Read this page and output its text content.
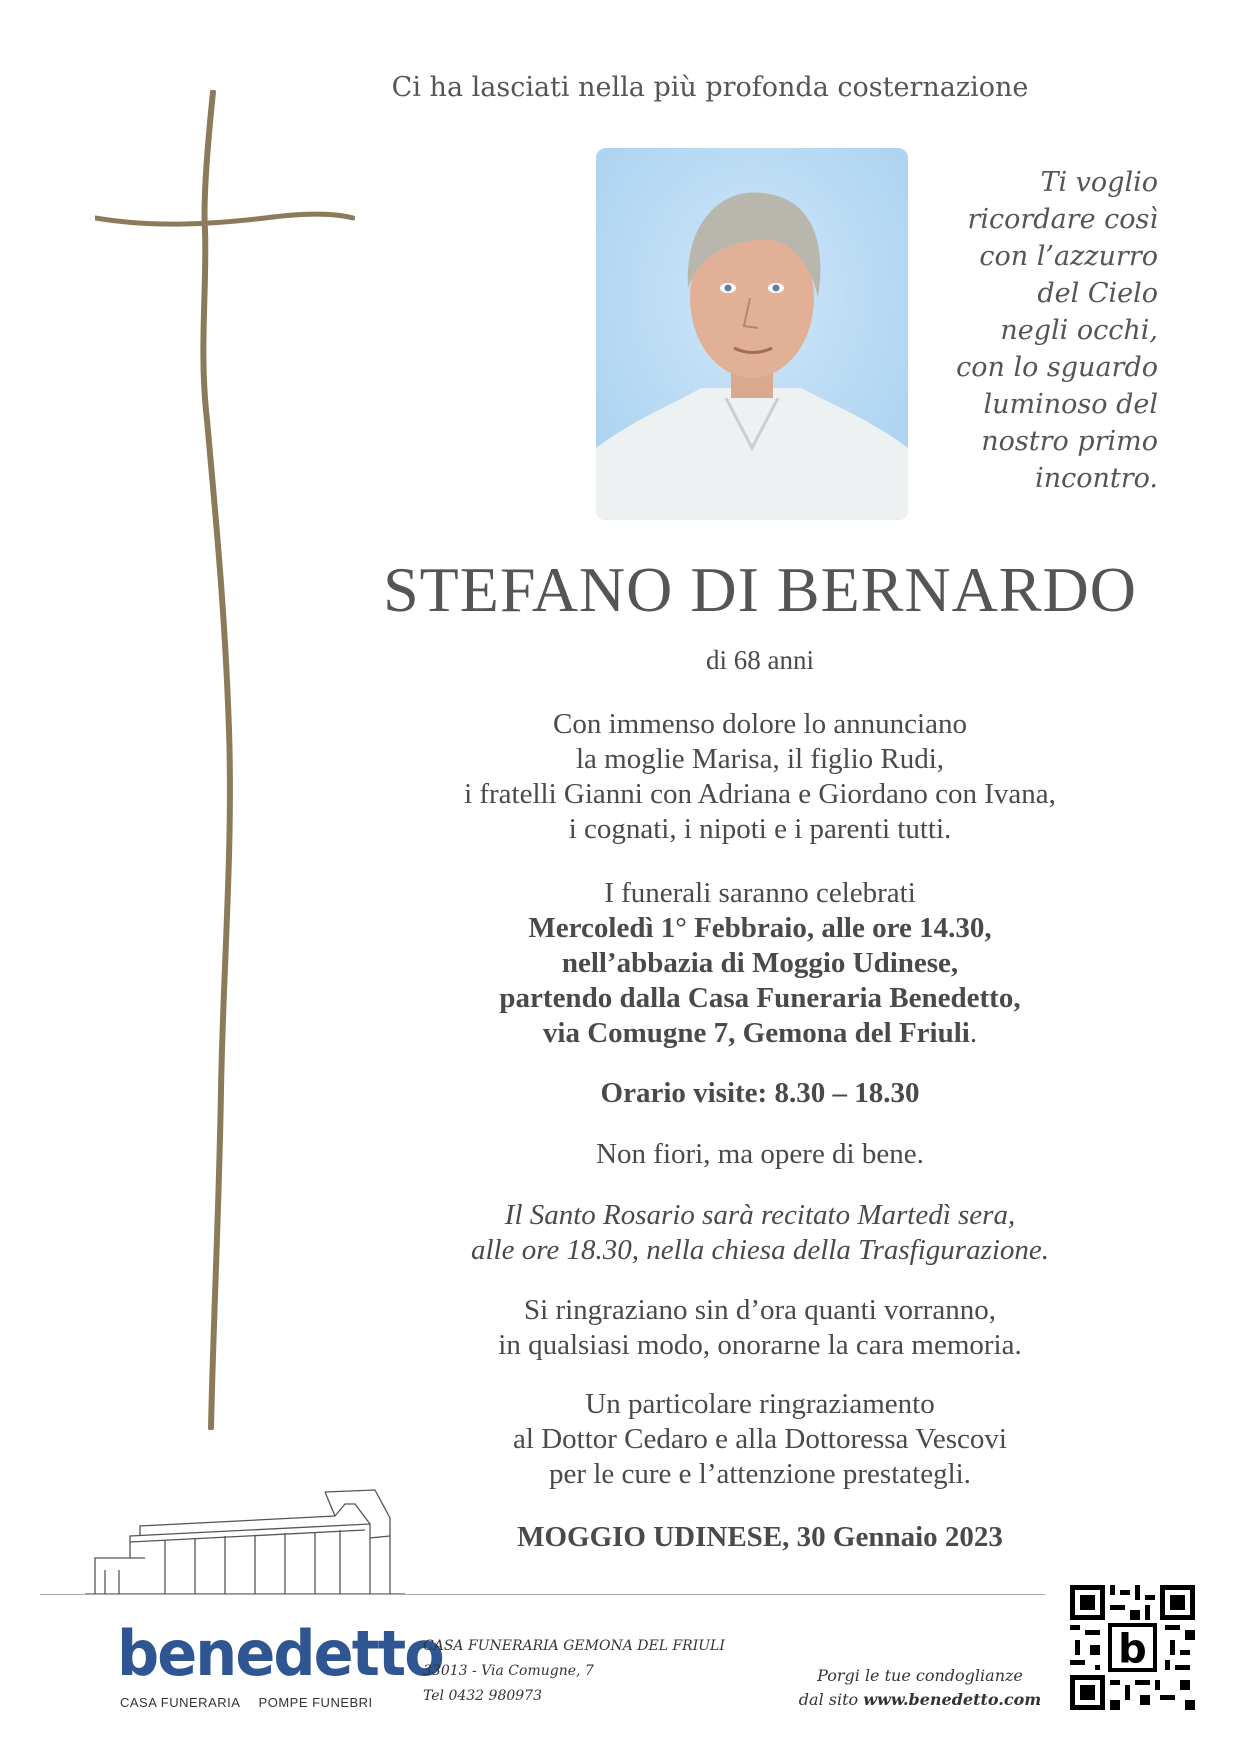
Ci ha lasciati nella più profonda costernazione
Ti voglio
ricordare così
con l’azzurro
del Cielo
negli occhi,
con lo sguardo
luminoso del
nostro primo
incontro.
STEFANO DI BERNARDO
di 68 anni
Con immenso dolore lo annunciano
la moglie Marisa, il figlio Rudi,
i fratelli Gianni con Adriana e Giordano con Ivana,
i cognati, i nipoti e i parenti tutti.
I funerali saranno celebrati
Mercoledì 1° Febbraio, alle ore 14.30,
nell’abbazia di Moggio Udinese,
partendo dalla Casa Funeraria Benedetto,
via Comugne 7, Gemona del Friuli.
Orario visite: 8.30 – 18.30
Non fiori, ma opere di bene.
Il Santo Rosario sarà recitato Martedì sera,
alle ore 18.30, nella chiesa della Trasfigurazione.
Si ringraziano sin d’ora quanti vorranno,
in qualsiasi modo, onorarne la cara memoria.
Un particolare ringraziamento
al Dottor Cedaro e alla Dottoressa Vescovi
per le cure e l’attenzione prestategli.
MOGGIO UDINESE, 30 Gennaio 2023
benedetto
CASA FUNERARIA POMPE FUNEBRI
CASA FUNERARIA GEMONA DEL FRIULI
33013 - Via Comugne, 7
Tel 0432 980973
Porgi le tue condoglianze
dal sito www.benedetto.com
b
